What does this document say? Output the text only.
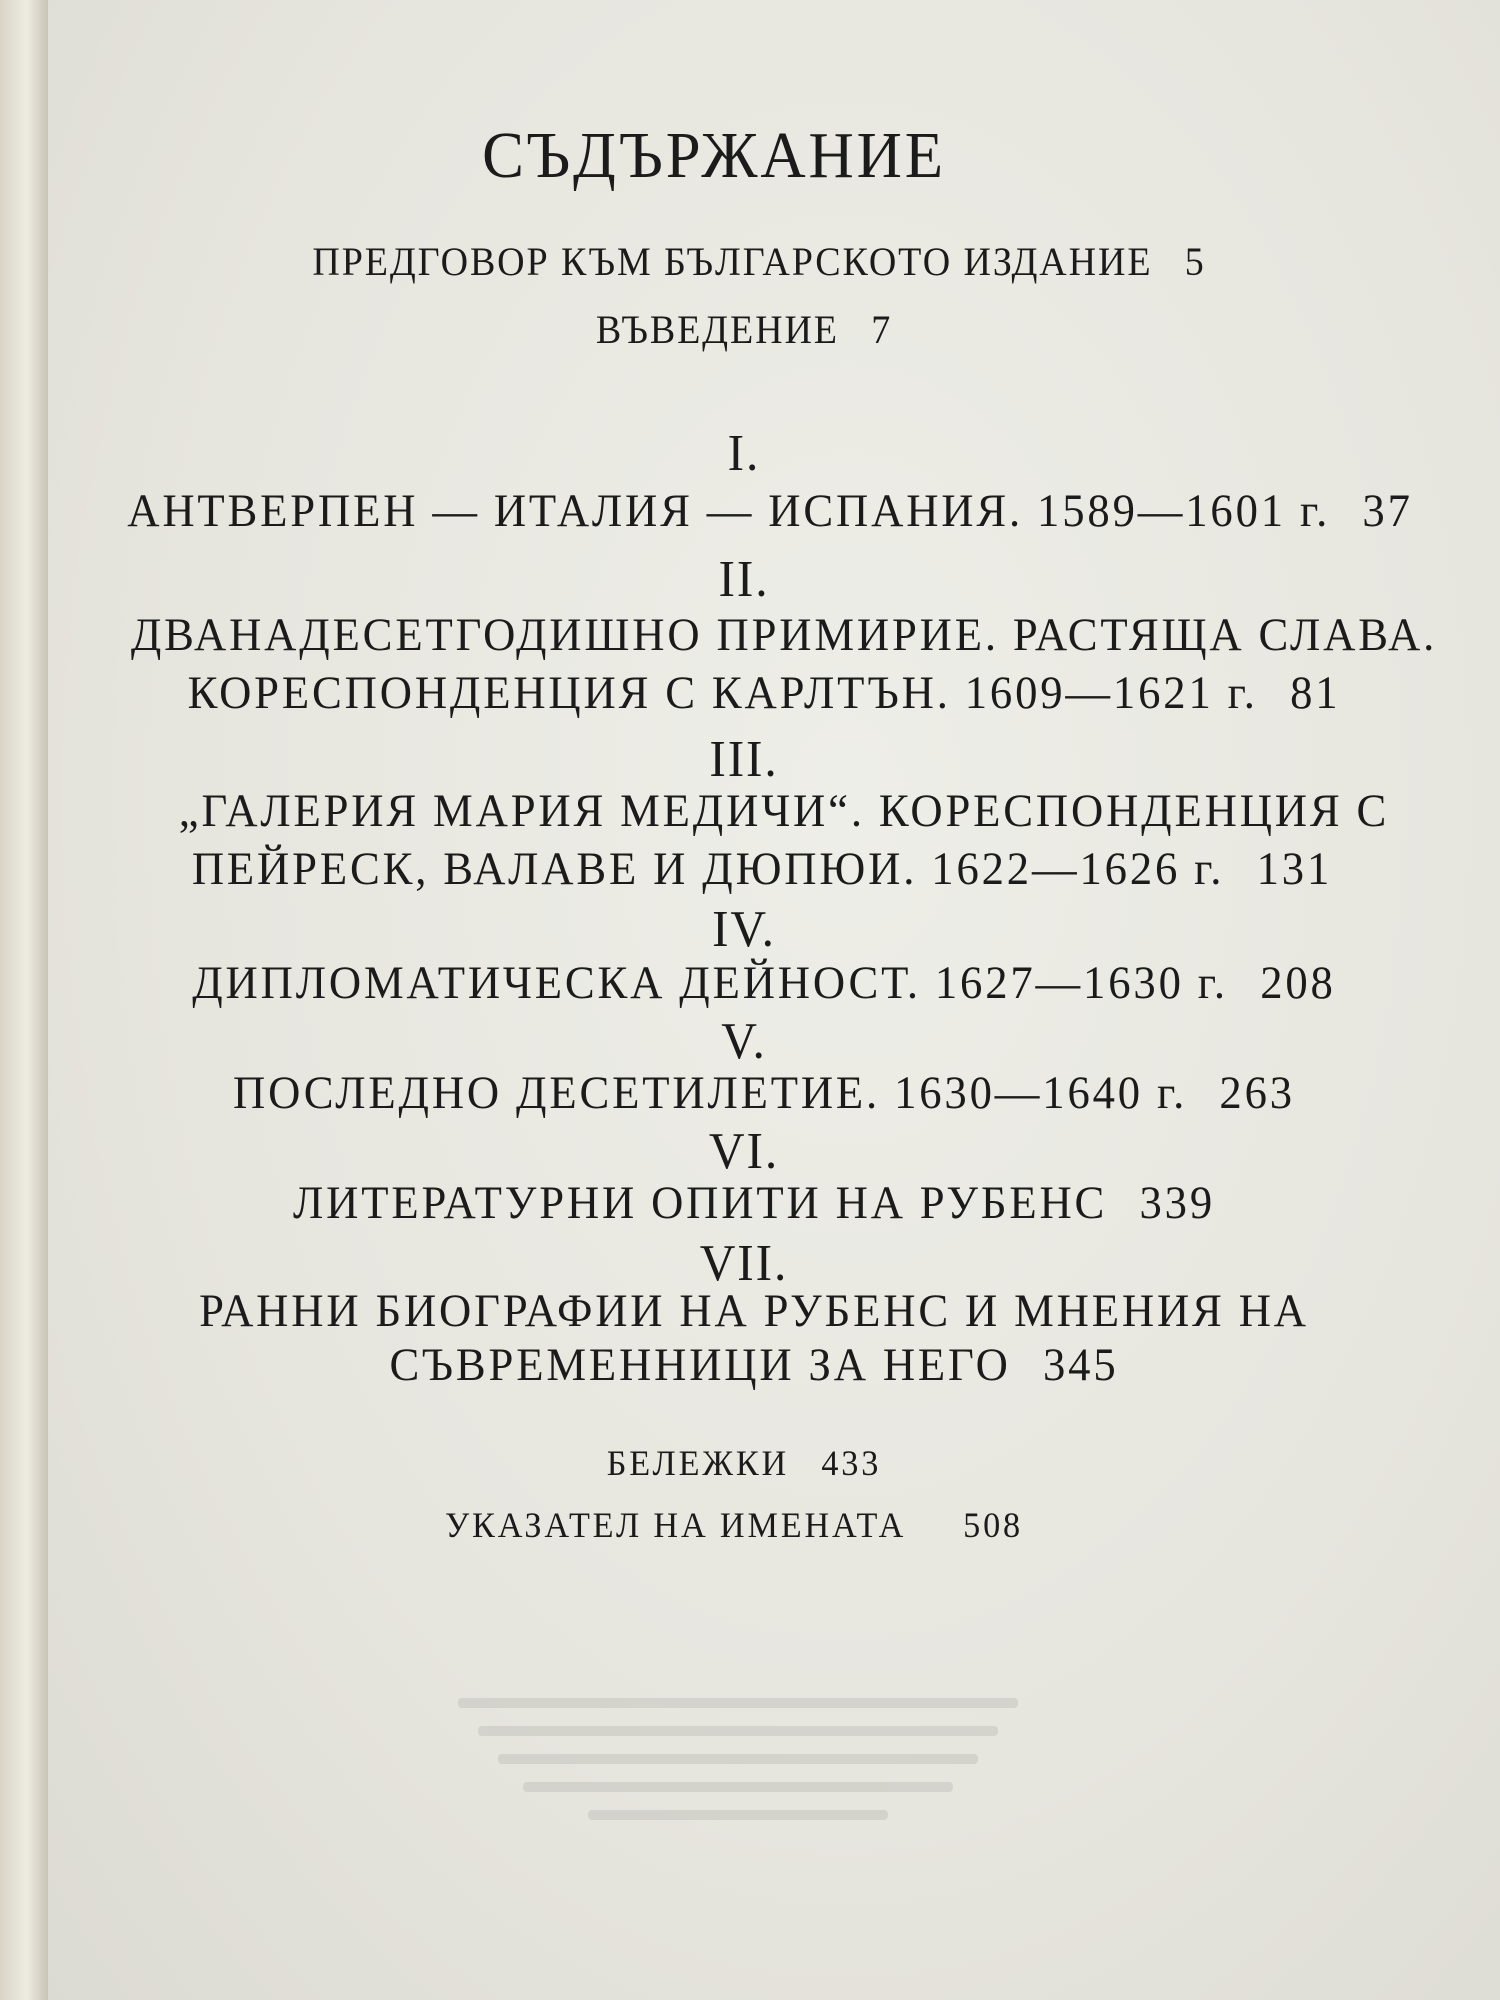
СЪДЪРЖАНИЕ
ПРЕДГОВОР КЪМ БЪЛГАРСКОТО ИЗДАНИЕ 5
ВЪВЕДЕНИЕ 7
I.
АНТВЕРПЕН — ИТАЛИЯ — ИСПАНИЯ. 1589—1601 г. 37
II.
ДВАНАДЕСЕТГОДИШНО ПРИМИРИЕ. РАСТЯЩА СЛАВА.
КОРЕСПОНДЕНЦИЯ С КАРЛТЪН. 1609—1621 г. 81
III.
„ГАЛЕРИЯ МАРИЯ МЕДИЧИ“. КОРЕСПОНДЕНЦИЯ С
ПЕЙРЕСК, ВАЛАВЕ И ДЮПЮИ. 1622—1626 г. 131
IV.
ДИПЛОМАТИЧЕСКА ДЕЙНОСТ. 1627—1630 г. 208
V.
ПОСЛЕДНО ДЕСЕТИЛЕТИЕ. 1630—1640 г. 263
VI.
ЛИТЕРАТУРНИ ОПИТИ НА РУБЕНС 339
VII.
РАННИ БИОГРАФИИ НА РУБЕНС И МНЕНИЯ НА
СЪВРЕМЕННИЦИ ЗА НЕГО 345
БЕЛЕЖКИ 433
УКАЗАТЕЛ НА ИМЕНАТА 508
